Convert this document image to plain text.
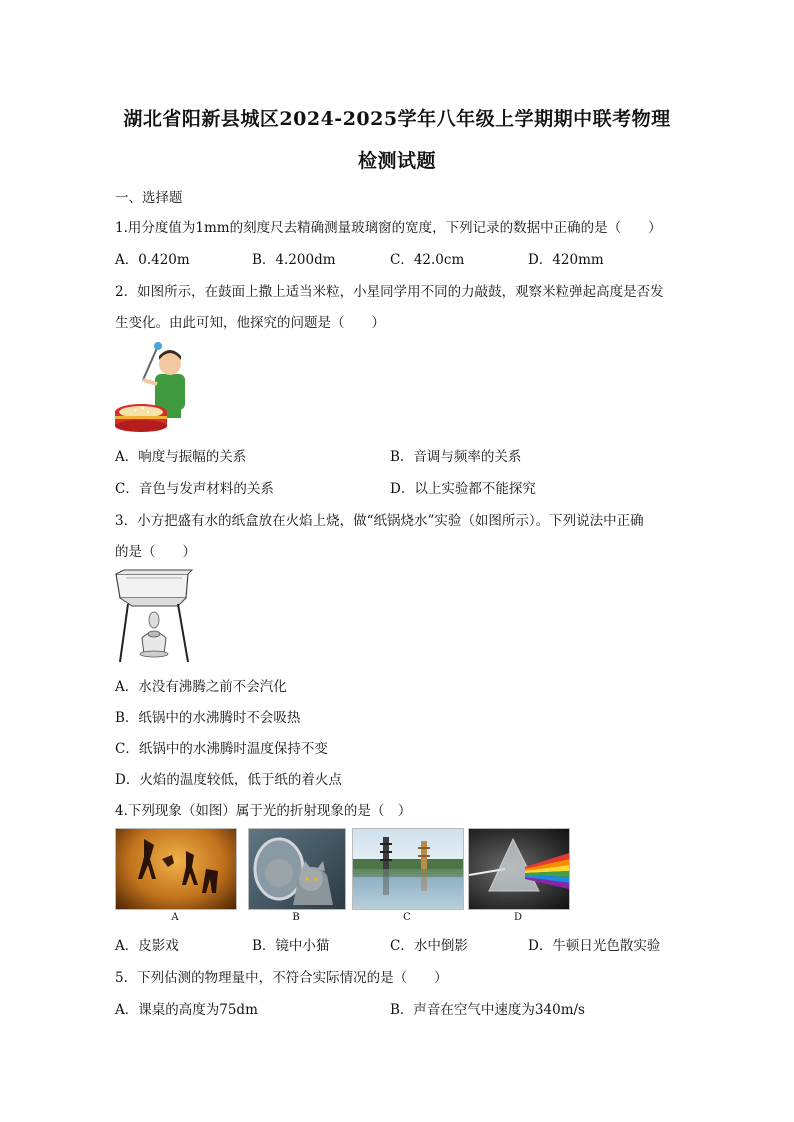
湖北省阳新县城区2024-2025学年八年级上学期期中联考物理
检测试题
一、选择题
1.用分度值为1mm的刻度尺去精确测量玻璃窗的宽度，下列记录的数据中正确的是（　　）
A．0.420m	B．4.200dm	C．42.0cm	D．420mm
2．如图所示，在鼓面上撒上适当米粒，小星同学用不同的力敲鼓，观察米粒弹起高度是否发
生变化。由此可知，他探究的问题是（　　）
A．响度与振幅的关系	B．音调与频率的关系
C．音色与发声材料的关系	D．以上实验都不能探究
3．小方把盛有水的纸盒放在火焰上烧，做“纸锅烧水”实验（如图所示）。下列说法中正确
的是（　　）
A．水没有沸腾之前不会汽化
B．纸锅中的水沸腾时不会吸热
C．纸锅中的水沸腾时温度保持不变
D．火焰的温度较低，低于纸的着火点
4.下列现象（如图）属于光的折射现象的是（　）
A	B	C	D
A．皮影戏	B．镜中小猫	C．水中倒影	D．牛顿日光色散实验
5．下列估测的物理量中，不符合实际情况的是（　　）
A．课桌的高度为75dm	B．声音在空气中速度为340m/s
